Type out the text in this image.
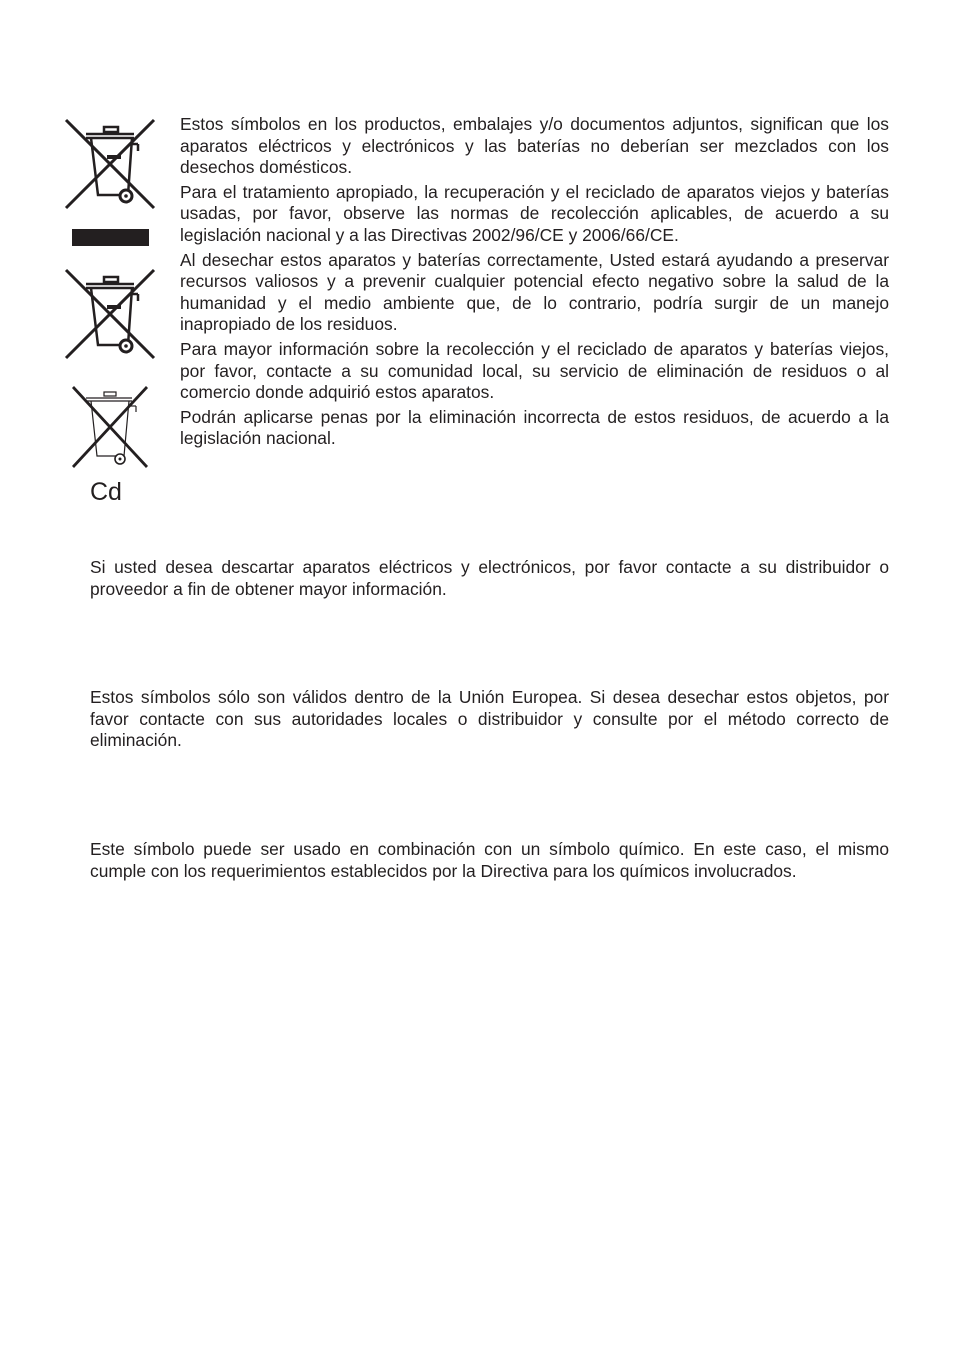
Cd

Estos símbolos en los productos, embalajes y/o documentos adjuntos, significan que los aparatos eléctricos y electrónicos y las baterías no deberían ser mezclados con los desechos domésticos.

Para el tratamiento apropiado, la recuperación y el reciclado de aparatos viejos y baterías usadas, por favor, observe las normas de recolección aplicables, de acuerdo a su legislación nacional y a las Directivas 2002/96/CE y 2006/66/CE.

Al desechar estos aparatos y baterías correctamente, Usted estará ayudando a preservar recursos valiosos y a prevenir cualquier potencial efecto negativo sobre la salud de la humanidad y el medio ambiente que, de lo contrario, podría surgir de un manejo inapropiado de los residuos.

Para mayor información sobre la recolección y el reciclado de aparatos y baterías viejos, por favor, contacte a su comunidad local, su servicio de eliminación de residuos o al comercio donde adquirió estos aparatos.

Podrán aplicarse penas por la eliminación incorrecta de estos residuos, de acuerdo a la legislación nacional.

Si usted desea descartar aparatos eléctricos y electrónicos, por favor contacte a su distribuidor o proveedor a fin de obtener mayor información.

Estos símbolos sólo son válidos dentro de la Unión Europea. Si desea desechar estos objetos, por favor contacte con sus autoridades locales o distribuidor y consulte por el método correcto de eliminación.

Este símbolo puede ser usado en combinación con un símbolo químico. En este caso, el mismo cumple con los requerimientos establecidos por la Directiva para los químicos involucrados.
